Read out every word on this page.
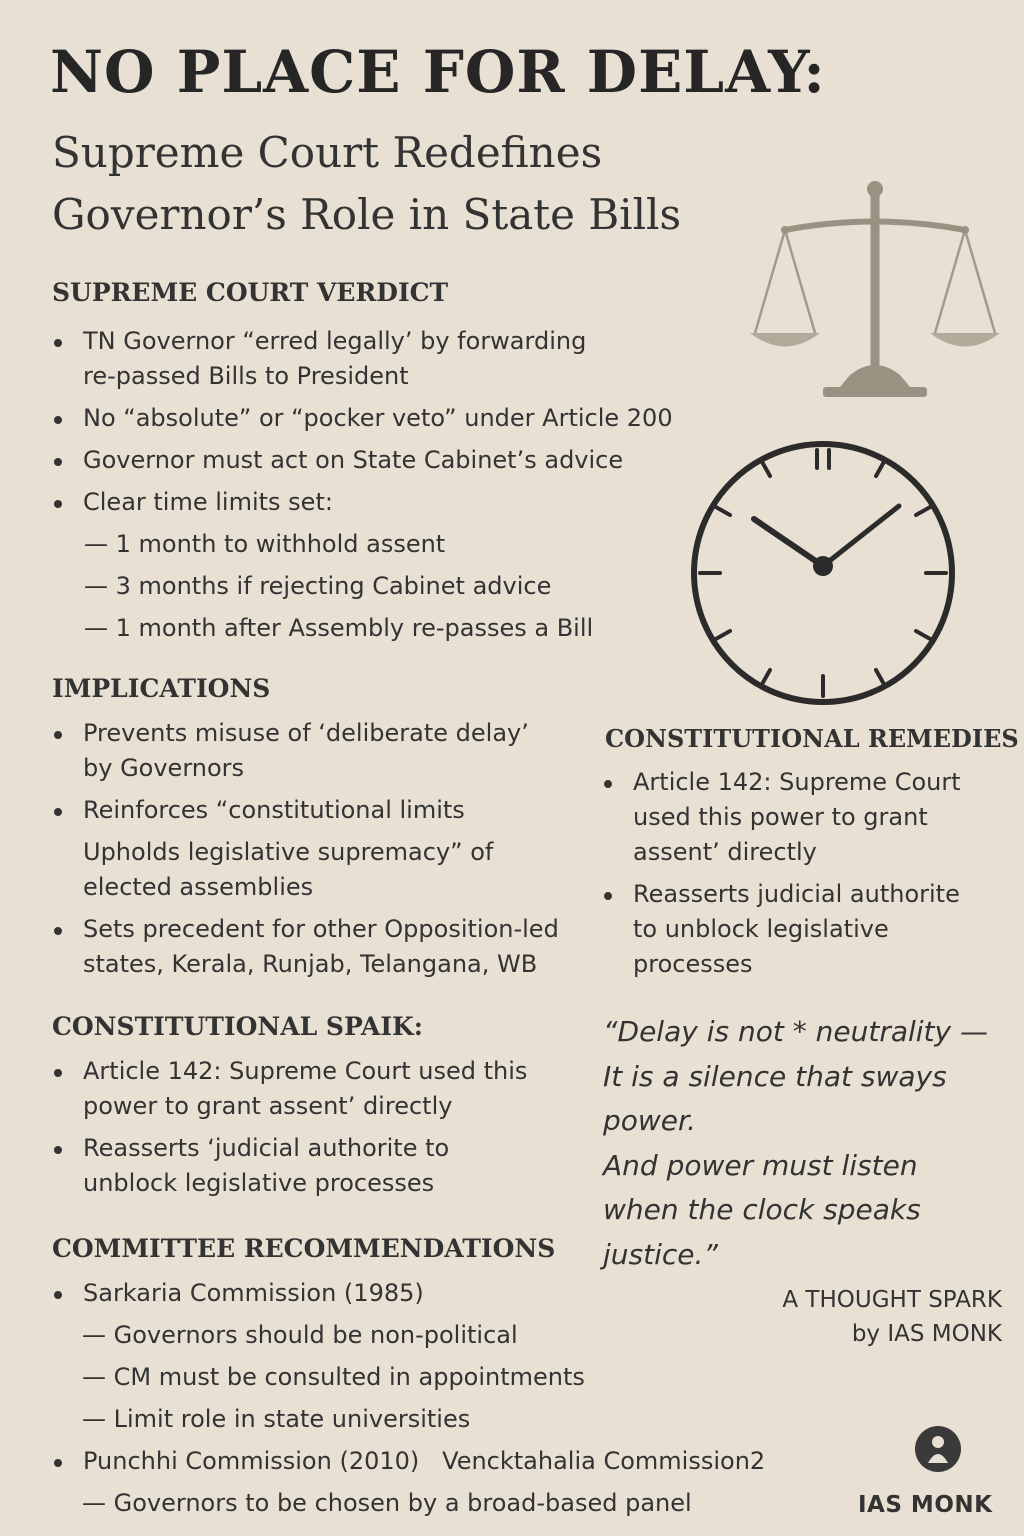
NO PLACE FOR DELAY:
Supreme Court Redefines
Governor’s Role in State Bills
SUPREME COURT VERDICT
TN Governor “erred legally’ by forwarding
re-passed Bills to President
No “absolute” or “pocker veto” under Article 200
Governor must act on State Cabinet’s advice
Clear time limits set:
— 1 month to withhold assent
— 3 months if rejecting Cabinet advice
— 1 month after Assembly re-passes a Bill
IMPLICATIONS
Prevents misuse of ‘deliberate delay’
by Governors
Reinforces “constitutional limits
Upholds legislative supremacy” of
elected assemblies
Sets precedent for other Opposition-led
states, Kerala, Runjab, Telangana, WB
CONSTITUTIONAL REMEDIES
Article 142: Supreme Court
used this power to grant
assent’ directly
Reasserts judicial authorite
to unblock legislative
processes
CONSTITUTIONAL SPAIK:
Article 142: Supreme Court used this
power to grant assent’ directly
Reasserts ‘judicial authorite to
unblock legislative processes
COMMITTEE RECOMMENDATIONS
Sarkaria Commission (1985)
— Governors should be non-political
— CM must be consulted in appointments
— Limit role in state universities
Punchhi Commission (2010)   Vencktahalia Commission2
— Governors to be chosen by a broad-based panel
“Delay is not * neutrality —
It is a silence that sways
power.
And power must listen
when the clock speaks
justice.”
A THOUGHT SPARK
by IAS MONK
IAS MONK
